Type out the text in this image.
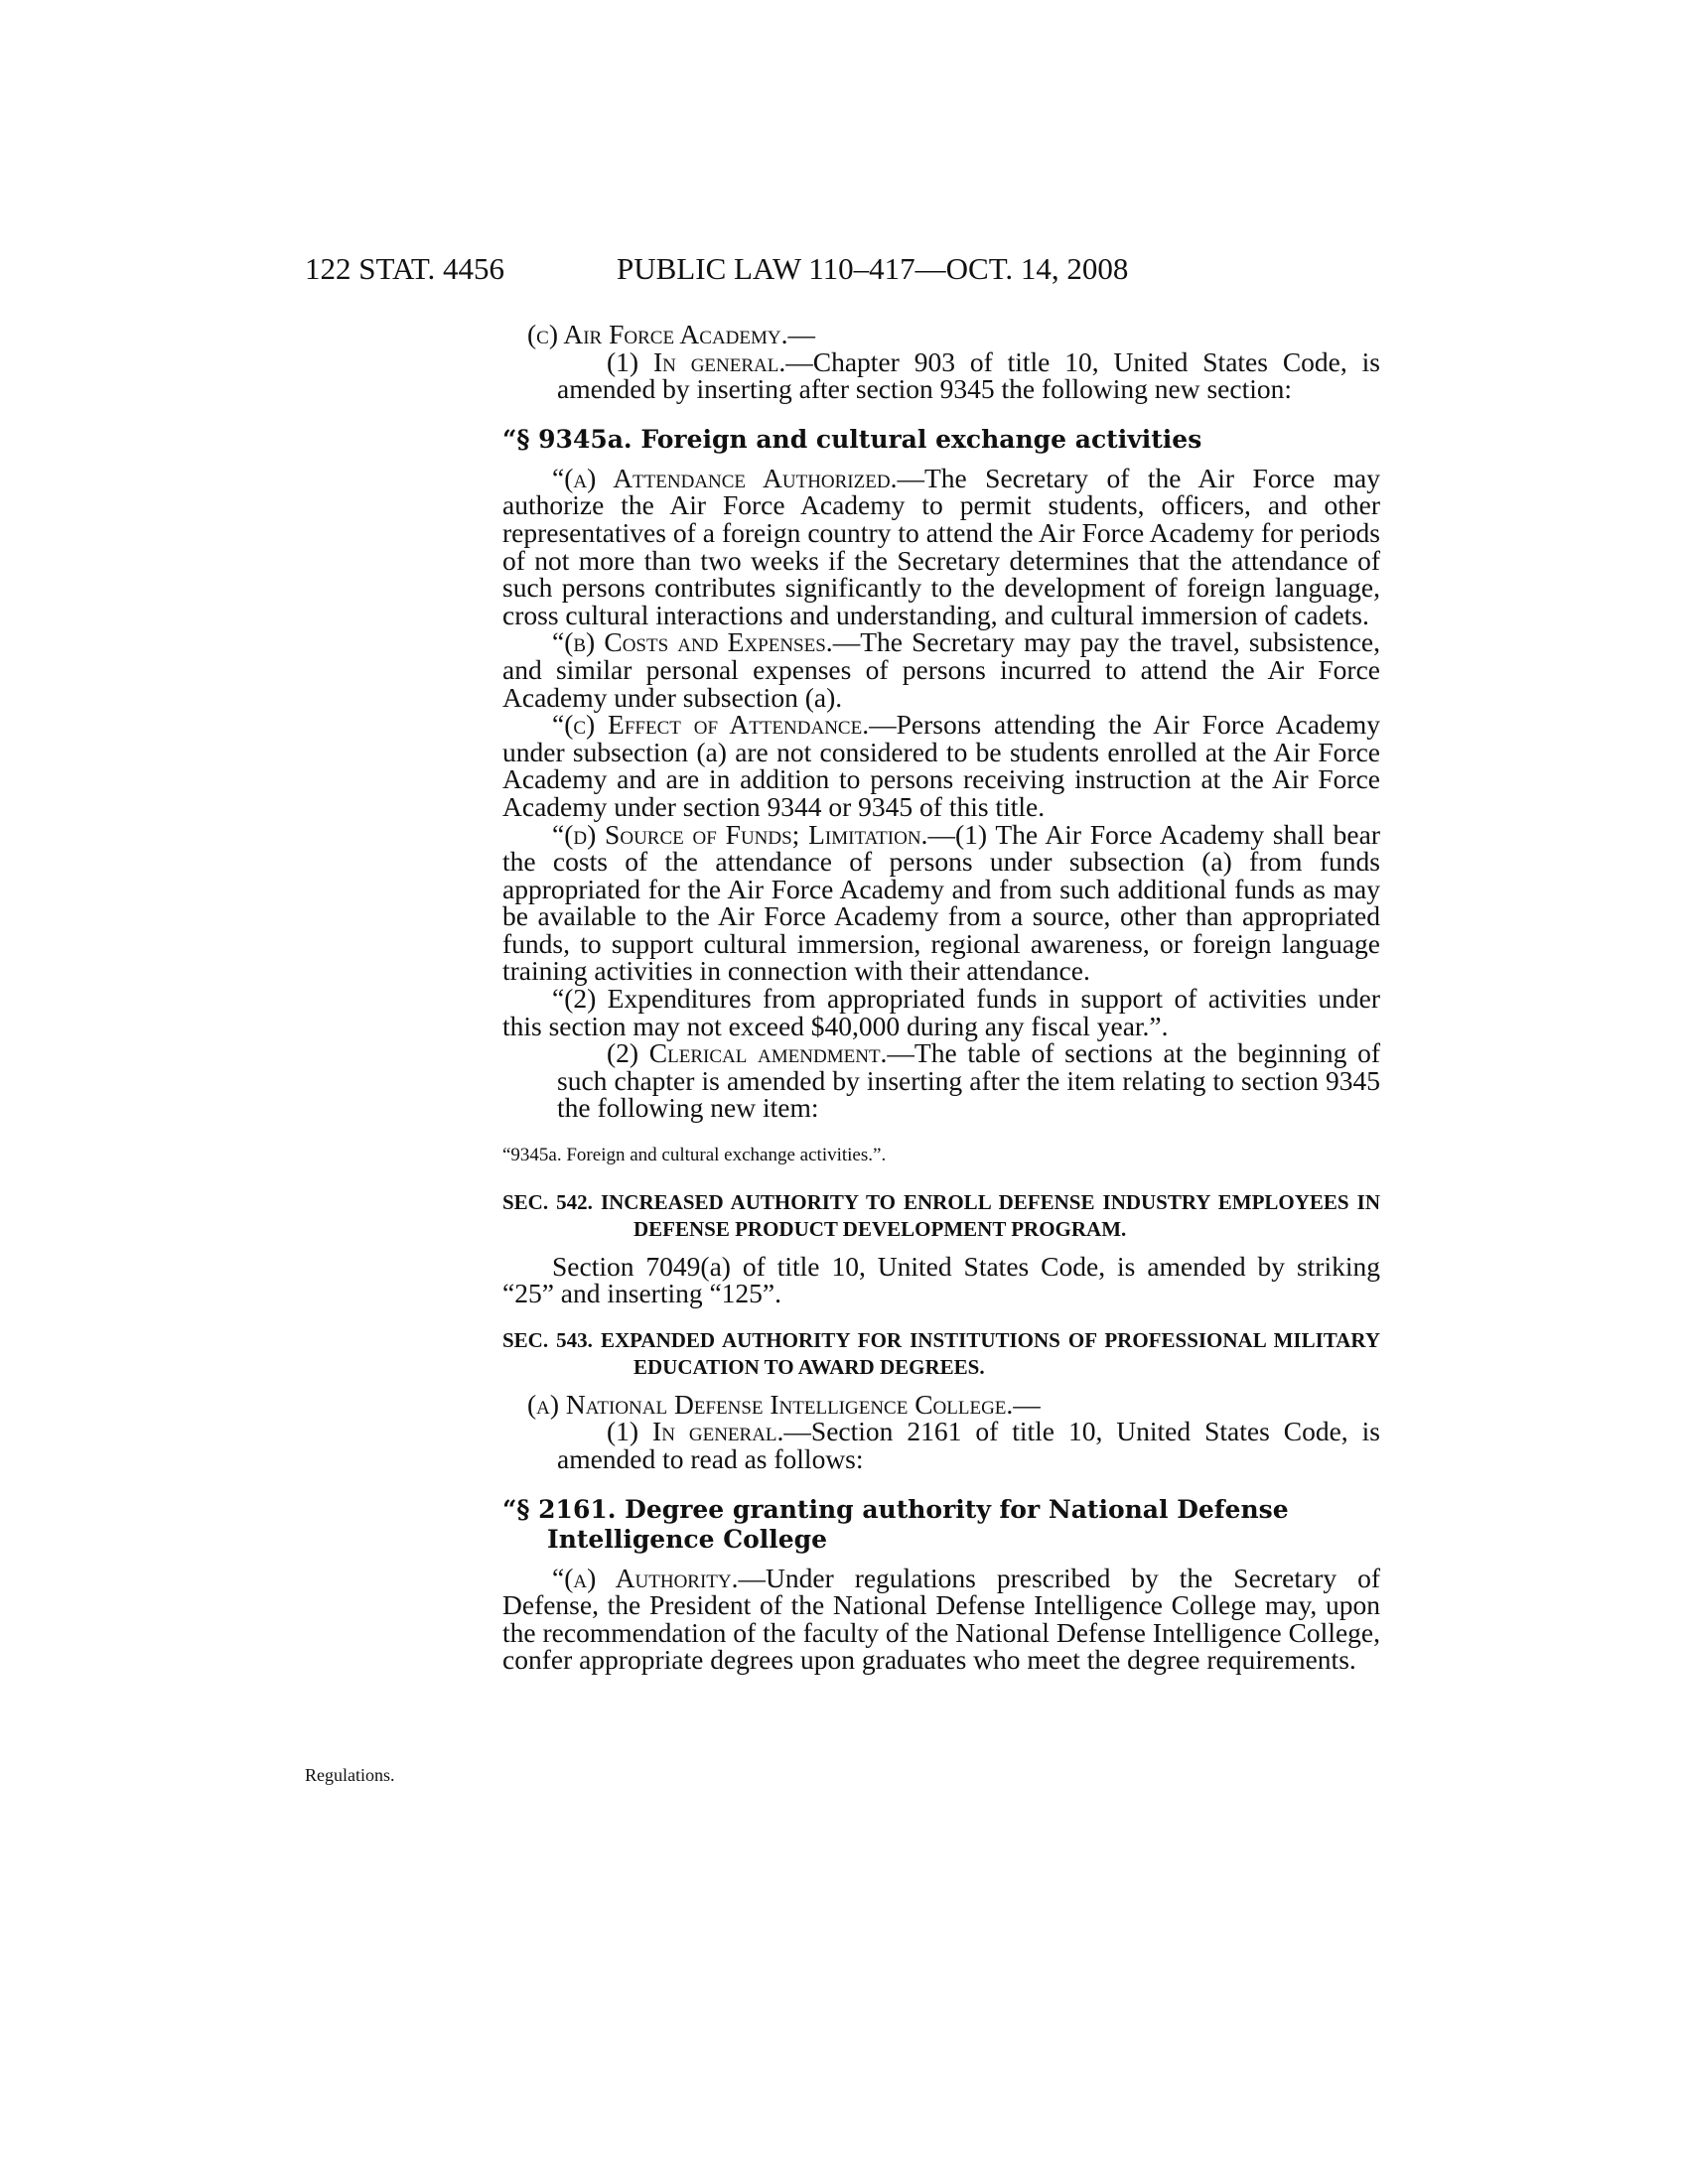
122 STAT. 4456	PUBLIC LAW 110–417—OCT. 14, 2008
Regulations.

(c) Air Force Academy.—

(1) In general.—Chapter 903 of title 10, United States Code, is amended by inserting after section 9345 the following new section:

“§ 9345a. Foreign and cultural exchange activities

“(a) Attendance Authorized.—The Secretary of the Air Force may authorize the Air Force Academy to permit students, officers, and other representatives of a foreign country to attend the Air Force Academy for periods of not more than two weeks if the Secretary determines that the attendance of such persons contributes significantly to the development of foreign language, cross cultural interactions and understanding, and cultural immersion of cadets.

“(b) Costs and Expenses.—The Secretary may pay the travel, subsistence, and similar personal expenses of persons incurred to attend the Air Force Academy under subsection (a).

“(c) Effect of Attendance.—Persons attending the Air Force Academy under subsection (a) are not considered to be students enrolled at the Air Force Academy and are in addition to persons receiving instruction at the Air Force Academy under section 9344 or 9345 of this title.

“(d) Source of Funds; Limitation.—(1) The Air Force Academy shall bear the costs of the attendance of persons under subsection (a) from funds appropriated for the Air Force Academy and from such additional funds as may be available to the Air Force Academy from a source, other than appropriated funds, to support cultural immersion, regional awareness, or foreign language training activities in connection with their attendance.

“(2) Expenditures from appropriated funds in support of activities under this section may not exceed $40,000 during any fiscal year.”.

(2) Clerical amendment.—The table of sections at the beginning of such chapter is amended by inserting after the item relating to section 9345 the following new item:

“9345a. Foreign and cultural exchange activities.”.

SEC. 542. INCREASED AUTHORITY TO ENROLL DEFENSE INDUSTRY EMPLOYEES IN DEFENSE PRODUCT DEVELOPMENT PROGRAM.

Section 7049(a) of title 10, United States Code, is amended by striking “25” and inserting “125”.

SEC. 543. EXPANDED AUTHORITY FOR INSTITUTIONS OF PROFESSIONAL MILITARY EDUCATION TO AWARD DEGREES.

(a) National Defense Intelligence College.—

(1) In general.—Section 2161 of title 10, United States Code, is amended to read as follows:

“§ 2161. Degree granting authority for National Defense Intelligence College

“(a) Authority.—Under regulations prescribed by the Secretary of Defense, the President of the National Defense Intelligence College may, upon the recommendation of the faculty of the National Defense Intelligence College, confer appropriate degrees upon graduates who meet the degree requirements.
